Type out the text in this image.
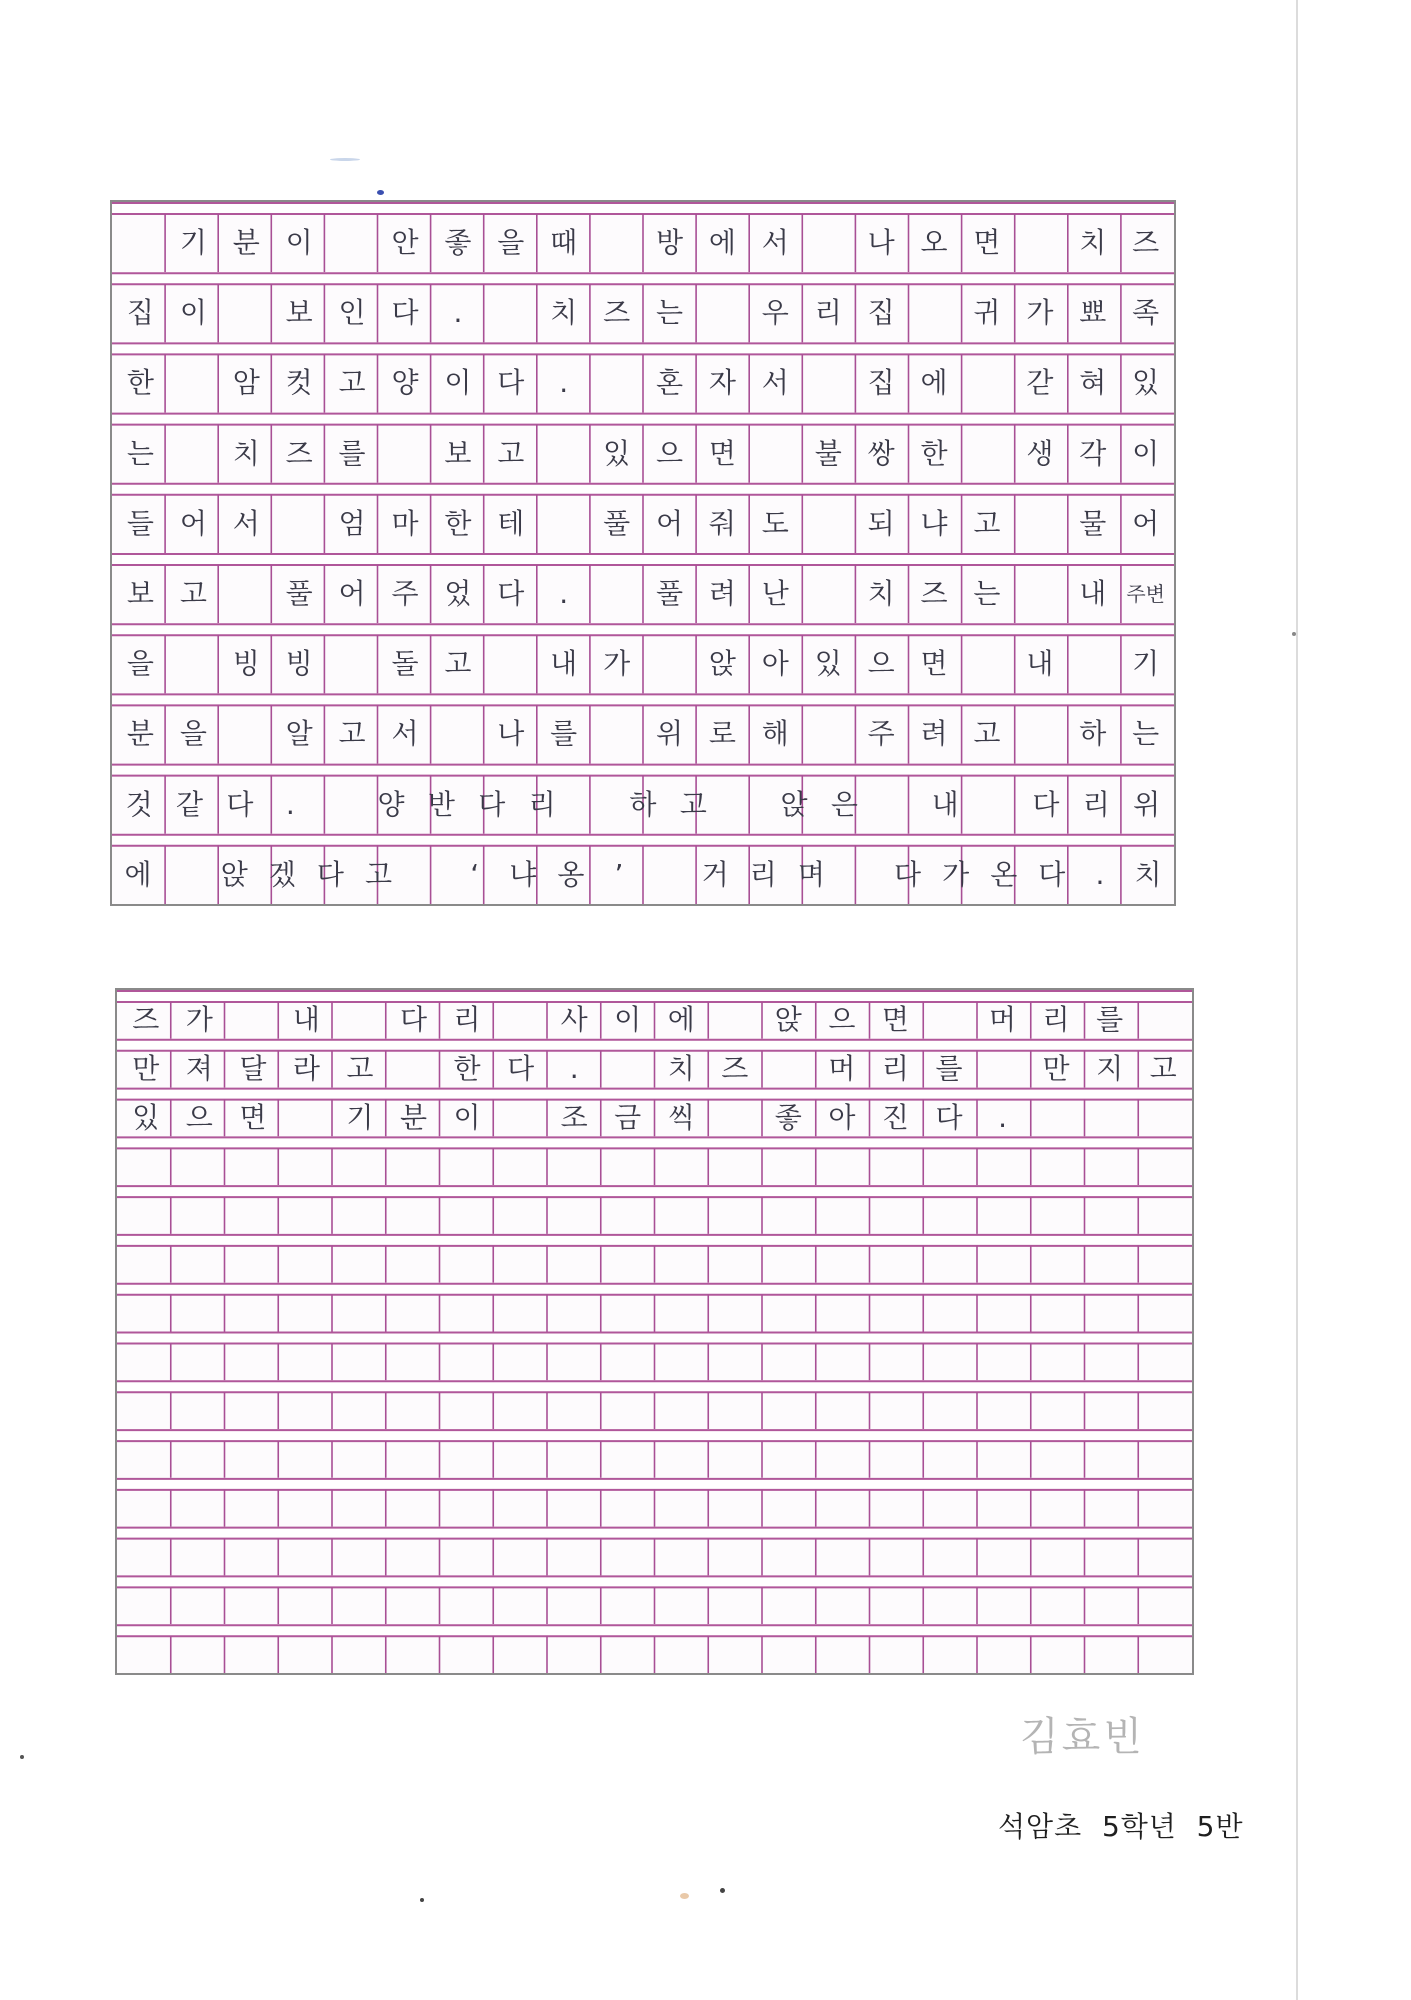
기 분 이	안 좋 을 때	방 에 서	나 오 면	치 즈
집 이	보 인 다	.	치 즈 는	우 리 집	귀 가 뾰 족
한	암 컷 고 양 이 다	.	혼 자 서	집 에	갇 혀 있
는	치 즈 를	보 고	있 으 면	불 쌍 한	생 각 이
들 어 서	엄 마 한 테	풀 어 줘 도	되 냐 고	물 어
보 고	풀 어 주 었 다	.	풀 려 난	치 즈 는	내	주변
을	빙 빙	돌 고	내 가	앉 아 있 으 면	내	기
분 을	알 고 서	나 를	위 로 해	주 려 고	하 는
것 같 다	.	양 반 다 리	하 고	앉 은	내	다 리 위
에	앉 겠 다 고	‘	냐 옹	’	거 리 며	다 가 온 다	.	치
즈 가	내	다 리	사 이 에	앉 으 면	머 리 를
만 져 달 라 고	한 다	.	치 즈	머 리 를	만 지 고
있 으 면	기 분 이	조 금 씩	좋 아 진 다	.
김효빈
석암초  5학년  5반
